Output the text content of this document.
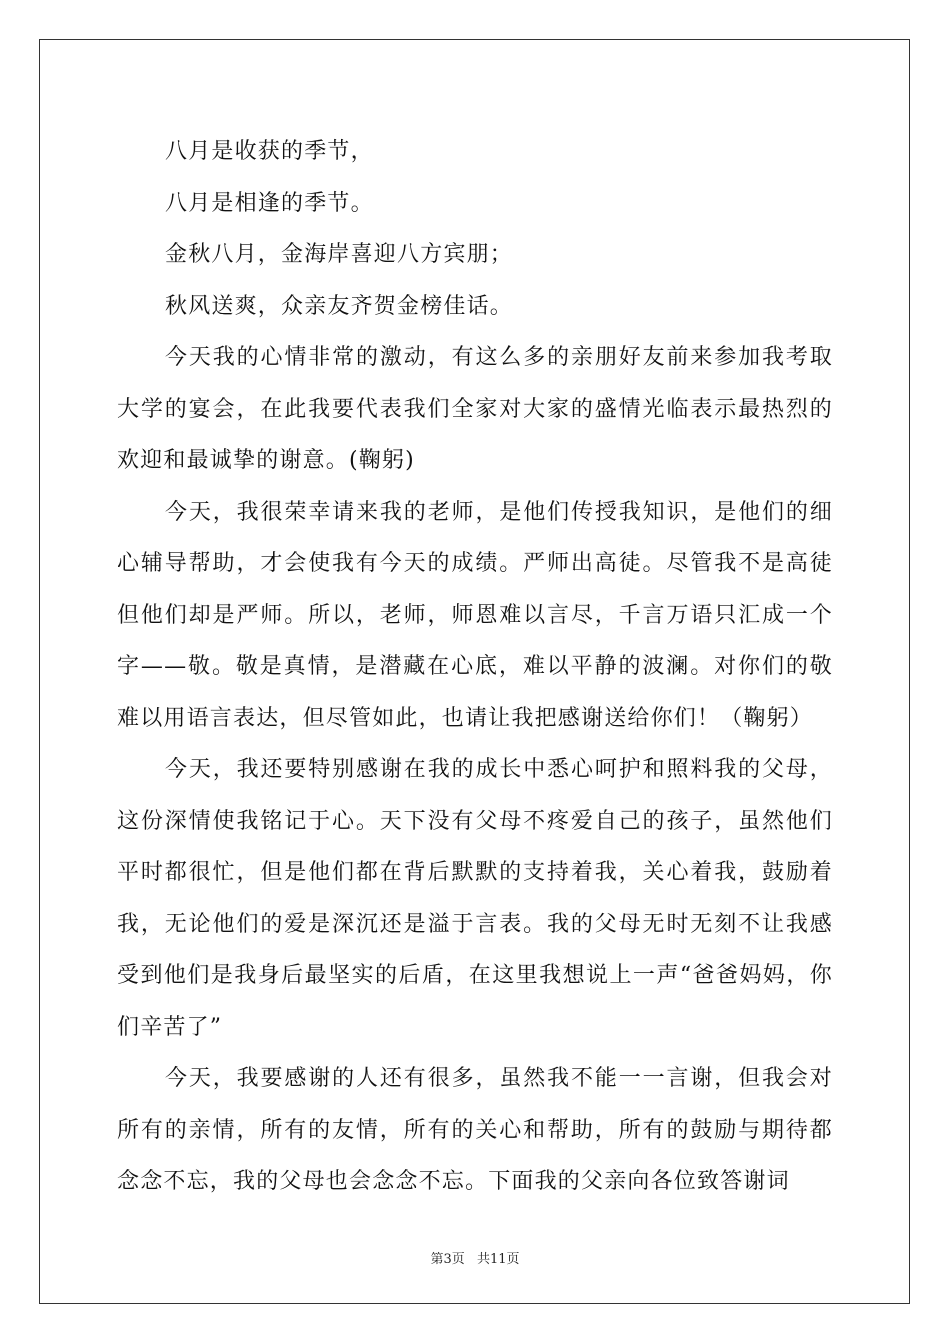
八月是收获的季节，

八月是相逢的季节。

金秋八月，金海岸喜迎八方宾朋；

秋风送爽，众亲友齐贺金榜佳话。

今天我的心情非常的激动，有这么多的亲朋好友前来参加我考取大学的宴会，在此我要代表我们全家对大家的盛情光临表示最热烈的欢迎和最诚挚的谢意。(鞠躬)

今天，我很荣幸请来我的老师，是他们传授我知识，是他们的细心辅导帮助，才会使我有今天的成绩。严师出高徒。尽管我不是高徒但他们却是严师。所以，老师，师恩难以言尽，千言万语只汇成一个字——敬。敬是真情，是潜藏在心底，难以平静的波澜。对你们的敬难以用语言表达，但尽管如此，也请让我把感谢送给你们！（鞠躬）

今天，我还要特别感谢在我的成长中悉心呵护和照料我的父母，这份深情使我铭记于心。天下没有父母不疼爱自己的孩子，虽然他们平时都很忙，但是他们都在背后默默的支持着我，关心着我，鼓励着我，无论他们的爱是深沉还是溢于言表。我的父母无时无刻不让我感受到他们是我身后最坚实的后盾，在这里我想说上一声“爸爸妈妈，你们辛苦了”

今天，我要感谢的人还有很多，虽然我不能一一言谢，但我会对所有的亲情，所有的友情，所有的关心和帮助，所有的鼓励与期待都念念不忘，我的父母也会念念不忘。下面我的父亲向各位致答谢词

第3页 共11页
